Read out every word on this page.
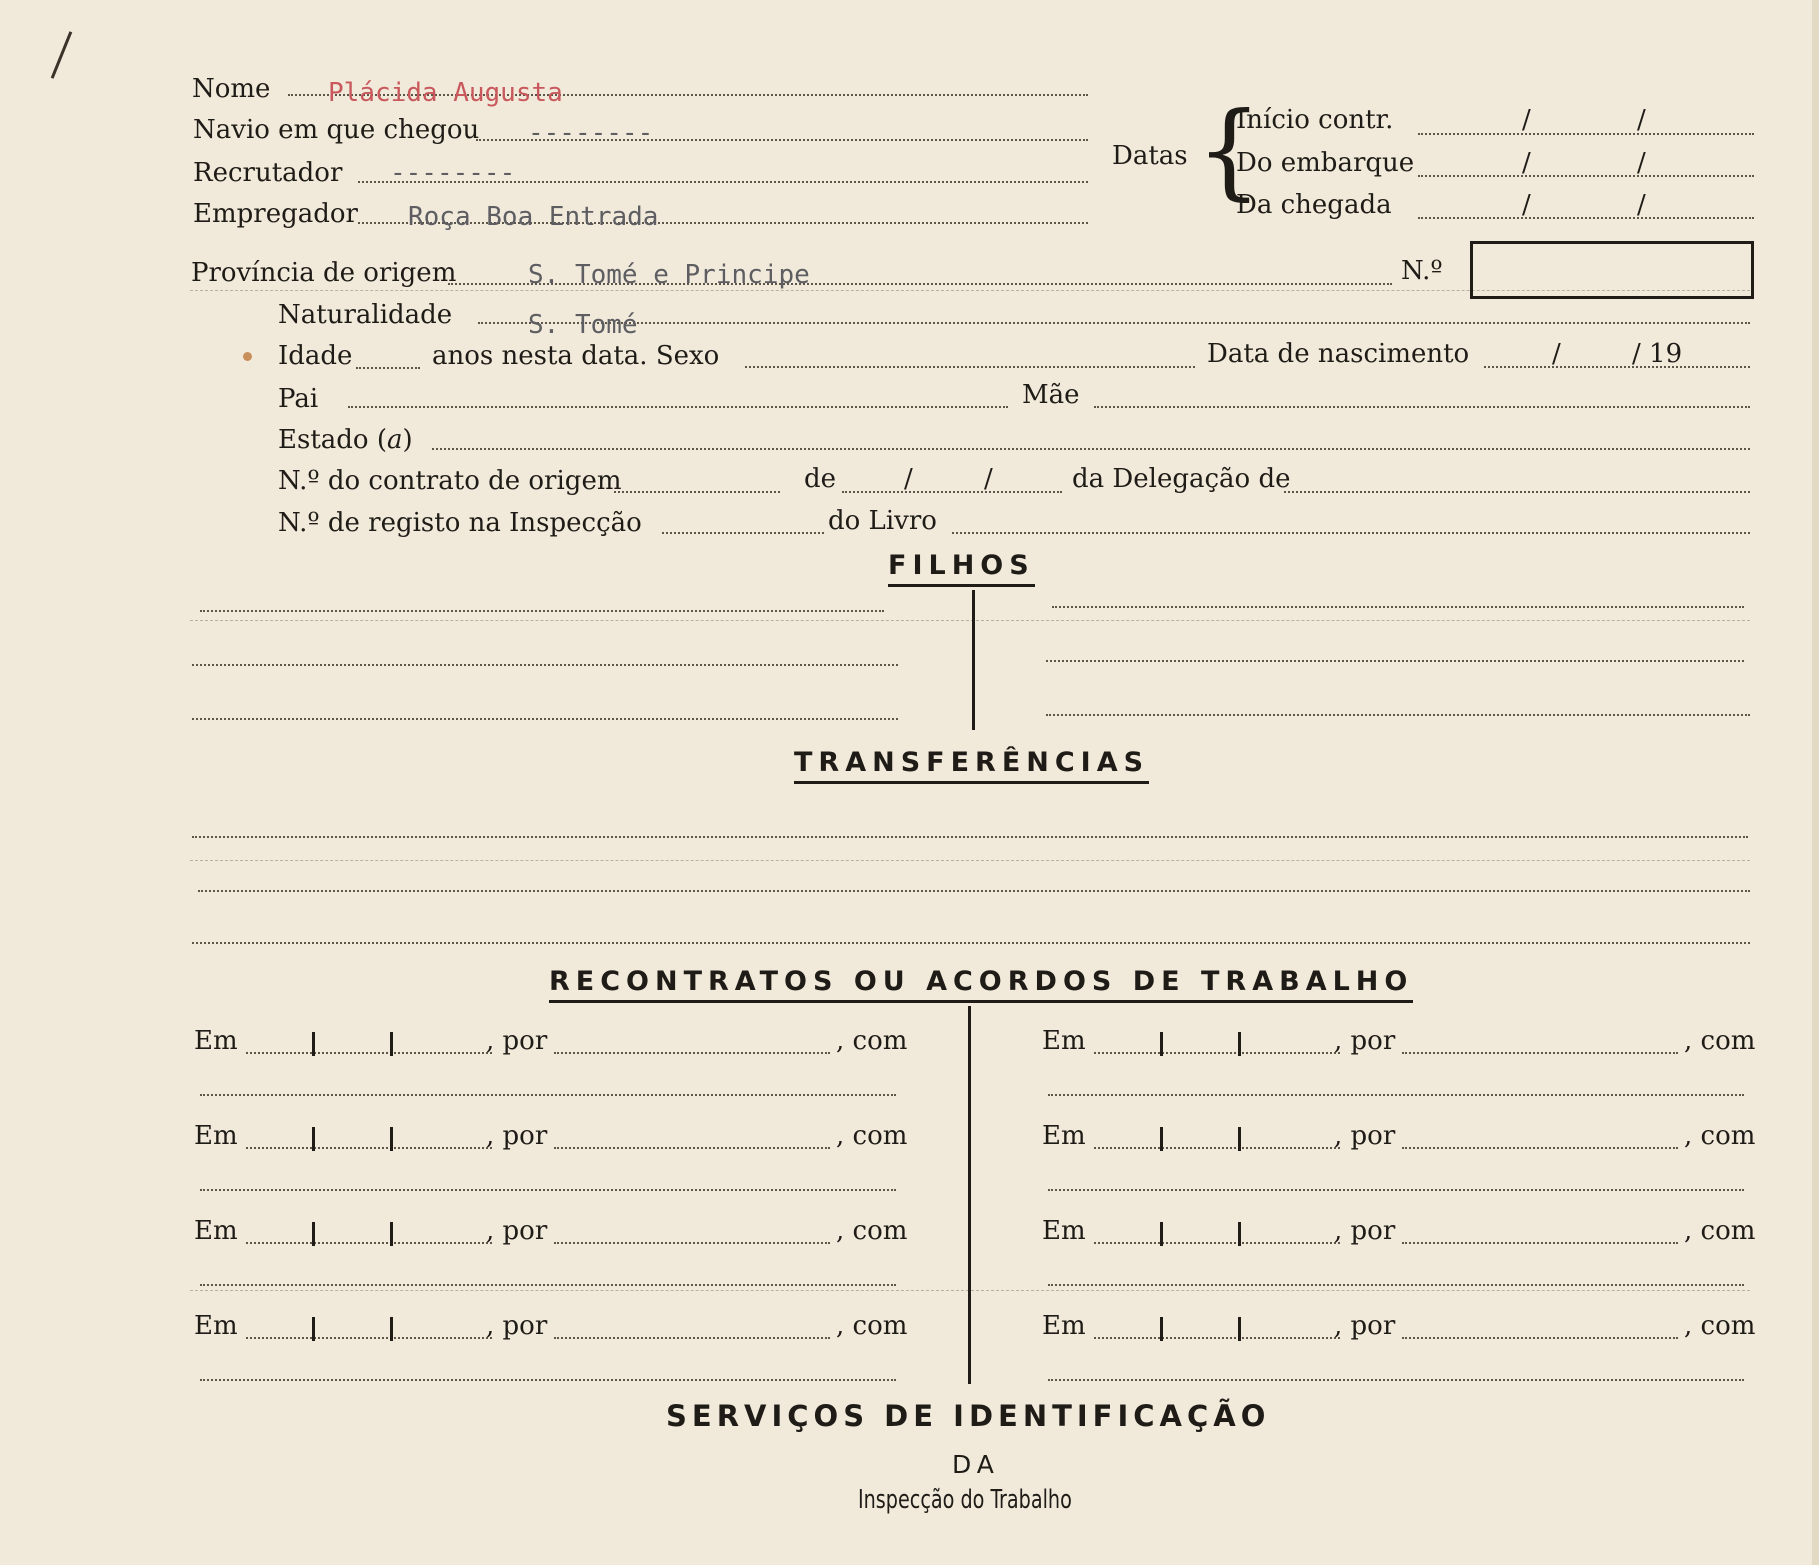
Nome Plácida Augusta
Navio em que chegou --------
Recrutador --------
Empregador Roça Boa Entrada
Datas {
Início contr.	/	/
Do embarque	/	/
Da chegada	/	/
Província de origem	S. Tomé e Principe	N.º
Naturalidade	S. Tomé
Idade	anos nesta data. Sexo	Data de nascimento	/	/ 19
Pai	Mãe
Estado (a)
N.º do contrato de origem	de	/	/	da Delegação de
N.º de registo na Inspecção	do Livro
FILHOS
TRANSFERÊNCIAS
RECONTRATOS OU ACORDOS DE TRABALHO
Em	, por	, com	Em	, por	, com
Em	, por	, com	Em	, por	, com
Em	, por	, com	Em	, por	, com
Em	, por	, com	Em	, por	, com
SERVIÇOS DE IDENTIFICAÇÃO
DA
Inspecção do Trabalho
